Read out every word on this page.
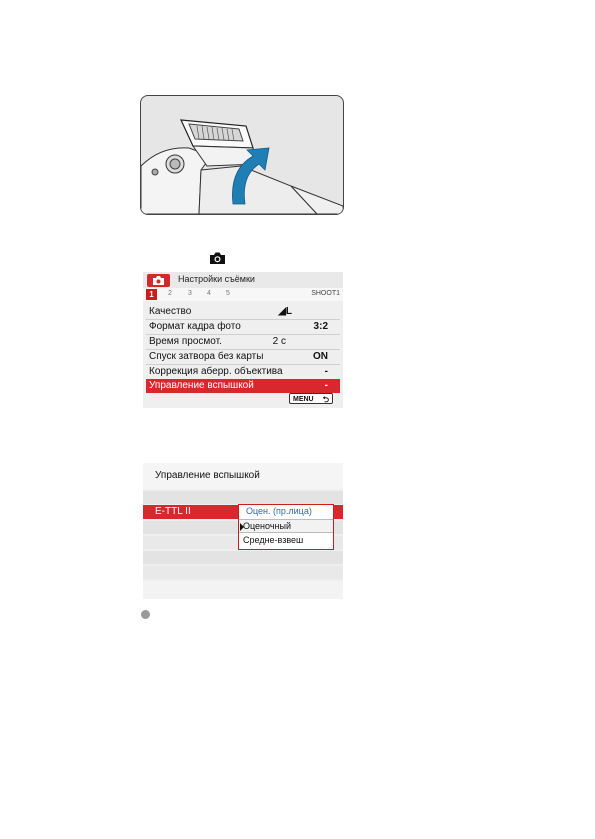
Настройки съёмки
1	2 3 4 5	SHOOT1
Качество	◢L
Формат кадра фото	3:2
Время просмот.	2 с
Спуск затвора без карты	ON
Коррекция аберр. объектива	-
Управление вспышкой	-
MENU ⮌
Управление вспышкой
E-TTL II	Оцен. (пр.лица)
Оценочный
Средне-взвеш
